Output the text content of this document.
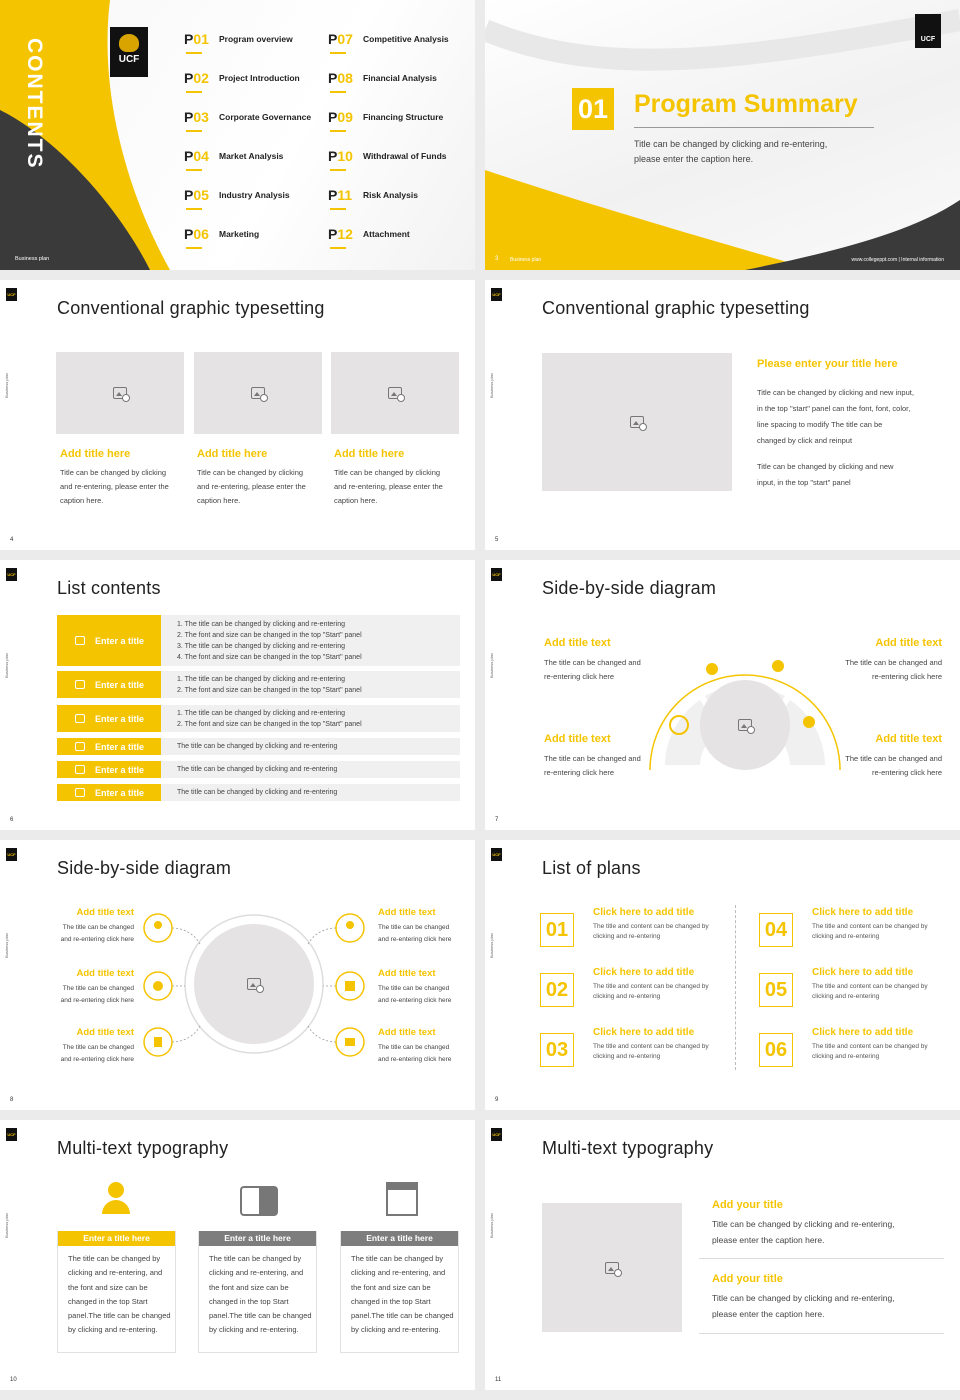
CONTENTS	UCF
P01 Program overview
P02 Project Introduction
P03 Corporate Governance
P04 Market Analysis
P05 Industry Analysis
P06 Marketing
P07 Competitive Analysis
P08 Financial Analysis
P09 Financing Structure
P10 Withdrawal of Funds
P11 Risk Analysis
P12 Attachment
Business plan
UCF
01 Program Summary
Title can be changed by clicking and re-entering,
please enter the caption here.
3 Business plan	www.collegeppt.com | Internal information
UCF
Business plan
Conventional graphic typesetting
Add title here	Add title here	Add title here
Title can be changed by clicking
and re-entering, please enter the
caption here.
Title can be changed by clicking
and re-entering, please enter the
caption here.
Title can be changed by clicking
and re-entering, please enter the
caption here.
4
UCF
Business plan
Conventional graphic typesetting
Please enter your title here
Title can be changed by clicking and new input,
in the top "start" panel can the font, font, color,
line spacing to modify The title can be
changed by click and reinput
Title can be changed by clicking and new
input, in the top "start" panel
5
UCF
Business plan
List contents
Enter a title
1. The title can be changed by clicking and re-entering
2. The font and size can be changed in the top "Start" panel
3. The title can be changed by clicking and re-entering
4. The font and size can be changed in the top "Start" panel
Enter a title
1. The title can be changed by clicking and re-entering
2. The font and size can be changed in the top "Start" panel
Enter a title
1. The title can be changed by clicking and re-entering
2. The font and size can be changed in the top "Start" panel
Enter a title	The title can be changed by clicking and re-entering
Enter a title	The title can be changed by clicking and re-entering
Enter a title	The title can be changed by clicking and re-entering
6
UCF
Business plan
Side-by-side diagram
Add title text
The title can be changed and
re-entering click here
Add title text
The title can be changed and
re-entering click here
Add title text
The title can be changed and
re-entering click here
Add title text
The title can be changed and
re-entering click here
7
UCF
Business plan
Side-by-side diagram
Add title text
The title can be changed
and re-entering click here
Add title text
The title can be changed
and re-entering click here
Add title text
The title can be changed
and re-entering click here
Add title text
The title can be changed
and re-entering click here
Add title text
The title can be changed
and re-entering click here
Add title text
The title can be changed
and re-entering click here
8
UCF
Business plan
List of plans
01
Click here to add title
The title and content can be changed by
clicking and re-entering
02
Click here to add title
The title and content can be changed by
clicking and re-entering
03
Click here to add title
The title and content can be changed by
clicking and re-entering
04
Click here to add title
The title and content can be changed by
clicking and re-entering
05
Click here to add title
The title and content can be changed by
clicking and re-entering
06
Click here to add title
The title and content can be changed by
clicking and re-entering
9
UCF
Business plan
Multi-text typography
Enter a title here
The title can be changed by
clicking and re-entering, and
the font and size can be
changed in the top Start
panel.The title can be changed
by clicking and re-entering.
Enter a title here
The title can be changed by
clicking and re-entering, and
the font and size can be
changed in the top Start
panel.The title can be changed
by clicking and re-entering.
Enter a title here
The title can be changed by
clicking and re-entering, and
the font and size can be
changed in the top Start
panel.The title can be changed
by clicking and re-entering.
10
UCF
Business plan
Multi-text typography
Add your title
Title can be changed by clicking and re-entering,
please enter the caption here.
Add your title
Title can be changed by clicking and re-entering,
please enter the caption here.
11
